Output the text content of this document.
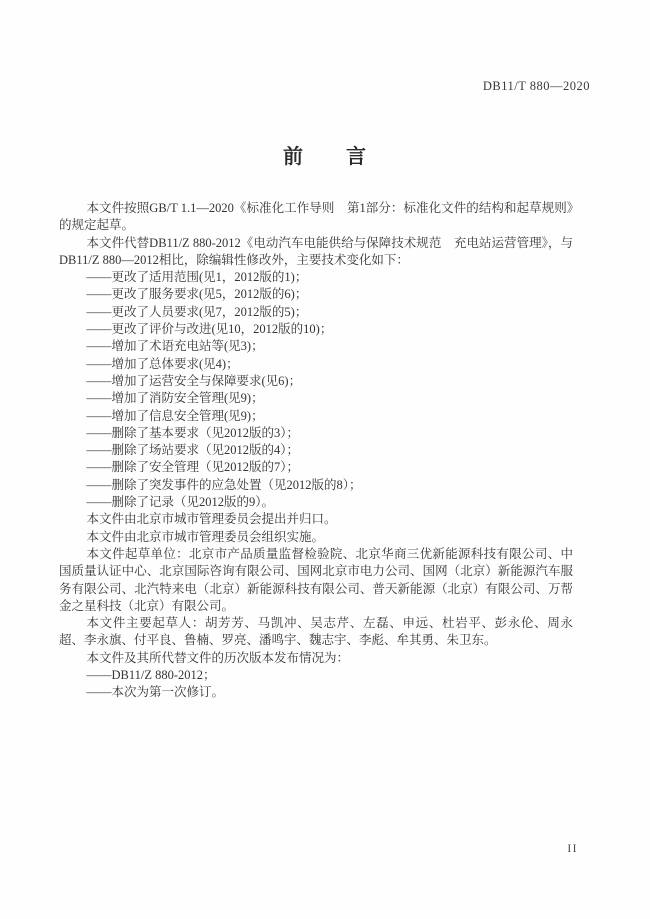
DB11/T 880—2020
前　　言

本文件按照GB/T 1.1—2020《标准化工作导则　第1部分：标准化文件的结构和起草规则》的规定起草。

本文件代替DB11/Z 880-2012《电动汽车电能供给与保障技术规范　充电站运营管理》，与DB11/Z 880—2012相比，除编辑性修改外，主要技术变化如下：

——更改了适用范围(见1，2012版的1)；

——更改了服务要求(见5，2012版的6)；

——更改了人员要求(见7，2012版的5)；

——更改了评价与改进(见10，2012版的10)；

——增加了术语充电站等(见3)；

——增加了总体要求(见4)；

——增加了运营安全与保障要求(见6)；

——增加了消防安全管理(见9)；

——增加了信息安全管理(见9)；

——删除了基本要求（见2012版的3）；

——删除了场站要求（见2012版的4）；

——删除了安全管理（见2012版的7）；

——删除了突发事件的应急处置（见2012版的8）；

——删除了记录（见2012版的9）。

本文件由北京市城市管理委员会提出并归口。

本文件由北京市城市管理委员会组织实施。

本文件起草单位：北京市产品质量监督检验院、北京华商三优新能源科技有限公司、中国质量认证中心、北京国际咨询有限公司、国网北京市电力公司、国网（北京）新能源汽车服务有限公司、北汽特来电（北京）新能源科技有限公司、普天新能源（北京）有限公司、万帮金之星科技（北京）有限公司。

本文件主要起草人：胡芳芳、马凯冲、吴志芹、左磊、申远、杜岩平、彭永伦、周永超、李永旗、付平良、鲁楠、罗亮、潘鸣宇、魏志宇、李彪、牟其勇、朱卫东。

本文件及其所代替文件的历次版本发布情况为：

——DB11/Z 880-2012；

——本次为第一次修订。

II
